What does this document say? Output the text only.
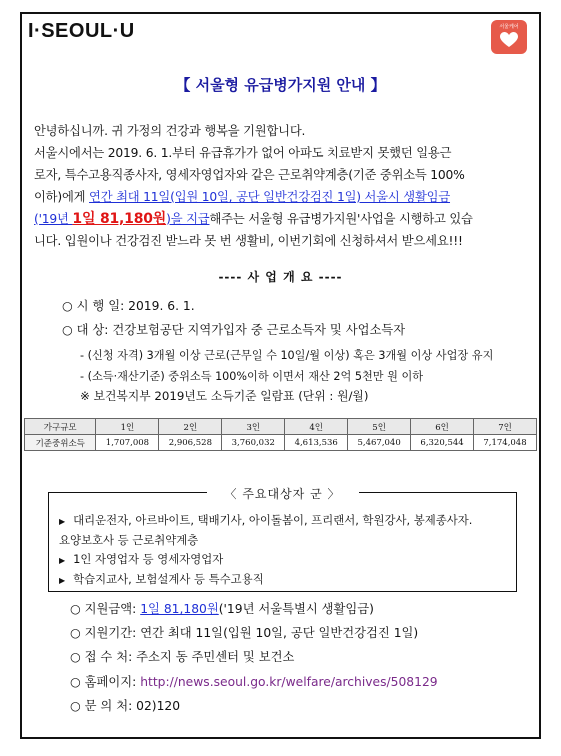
I·SEOUL·U	서울케어
【 서울형 유급병가지원 안내 】
안녕하십니까. 귀 가정의 건강과 행복을 기원합니다.
서울시에서는 2019. 6. 1.부터 유급휴가가 없어 아파도 치료받지 못했던 일용근
로자, 특수고용직종사자, 영세자영업자와 같은 근로취약계층(기준 중위소득 100%
이하)에게 연간 최대 11일(입원 10일, 공단 일반건강검진 1일) 서울시 생활임금
('19년 1일 81,180원)을 지급해주는 서울형 유급병가지원'사업을 시행하고 있습
니다. 입원이나 건강검진 받느라 못 번 생활비, 이번기회에 신청하셔서 받으세요!!!
---- 사 업 개 요 ----
○ 시 행 일: 2019. 6. 1.
○ 대 상: 건강보험공단 지역가입자 중 근로소득자 및 사업소득자
- (신청 자격) 3개월 이상 근로(근무일 수 10일/월 이상) 혹은 3개월 이상 사업장 유지
- (소득·재산기준) 중위소득 100%이하 이면서 재산 2억 5천만 원 이하
※ 보건복지부 2019년도 소득기준 일람표 (단위 : 원/월)
가구규모	1인	2인	3인	4인	5인	6인	7인
기준중위소득	1,707,008	2,906,528	3,760,032	4,613,536	5,467,040	6,320,544	7,174,048
〈 주요대상자 군 〉
▶ 대리운전자, 아르바이트, 택배기사, 아이돌봄이, 프리랜서, 학원강사, 봉제종사자.
요양보호사 등 근로취약계층
▶ 1인 자영업자 등 영세자영업자
▶ 학습지교사, 보험설계사 등 특수고용직
○ 지원금액: 1일 81,180원('19년 서울특별시 생활임금)
○ 지원기간: 연간 최대 11일(입원 10일, 공단 일반건강검진 1일)
○ 접 수 처: 주소지 동 주민센터 및 보건소
○ 홈페이지: http://news.seoul.go.kr/welfare/archives/508129
○ 문 의 처: 02)120
